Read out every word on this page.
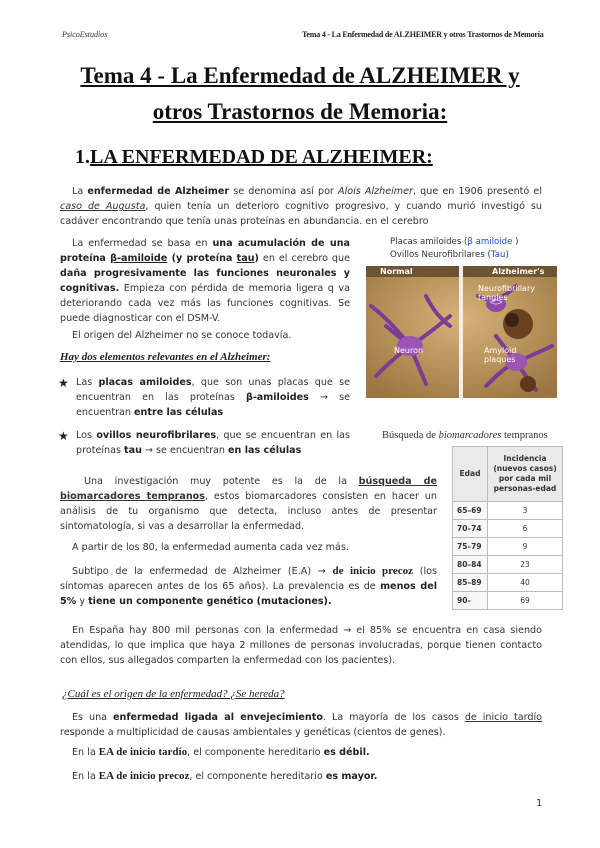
PsicoEstudios	Tema 4 - La Enfermedad de ALZHEIMER y otros Trastornos de Memoria
Tema 4 - La Enfermedad de ALZHEIMER y
otros Trastornos de Memoria:
1.LA ENFERMEDAD DE ALZHEIMER:
La enfermedad de Alzheimer se denomina así por Alois Alzheimer, que en 1906 presentó el caso de Augusta, quien tenía un deterioro cognitivo progresivo, y cuando murió investigó su cadáver encontrando que tenía unas proteínas en abundancia. en el cerebro
La enfermedad se basa en una acumulación de una proteína β-amiloide (y proteína tau) en el cerebro que daña progresivamente las funciones neuronales y cognitivas. Empieza con pérdida de memoria ligera q va deteriorando cada vez más las funciones cognitivas. Se puede diagnosticar con el DSM-V.
El origen del Alzheimer no se conoce todavía.
Hay dos elementos relevantes en el Alzheimer:
★ Las placas amiloides, que son unas placas que se encuentran en las proteínas β-amiloides → se encuentran entre las células
★ Los ovillos neurofibrilares, que se encuentran en las proteínas tau → se encuentran en las células
Placas amiloides (β amiloide )
Ovillos Neurofibrilares (Tau)
Normal	Alzheimer's
Neurofibrillary tangles
Neuron	Amyloid plaques
Una investigación muy potente es la de la búsqueda de biomarcadores tempranos, estos biomarcadores consisten en hacer un análisis de tu organismo que detecta, incluso antes de presentar sintomatología, si vas a desarrollar la enfermedad.
A partir de los 80, la enfermedad aumenta cada vez más.
Subtipo de la enfermedad de Alzheimer (E.A) → de inicio precoz (los síntomas aparecen antes de los 65 años). La prevalencia es de menos del 5% y tiene un componente genético (mutaciones).
Búsqueda de biomarcadores tempranos
Edad	Incidencia (nuevos casos) por cada mil personas-edad
65–69	3
70–74	6
75–79	9
80–84	23
85–89	40
90–	69
En España hay 800 mil personas con la enfermedad → el 85% se encuentra en casa siendo atendidas, lo que implica que haya 2 millones de personas involucradas, porque tienen contacto con ellos, sus allegados comparten la enfermedad con los pacientes).
¿Cuál es el origen de la enfermedad? ¿Se hereda?
Es una enfermedad ligada al envejecimiento. La mayoría de los casos de inicio tardío responde a multiplicidad de causas ambientales y genéticas (cientos de genes).
En la EA de inicio tardío, el componente hereditario es débil.
En la EA de inicio precoz, el componente hereditario es mayor.
1
